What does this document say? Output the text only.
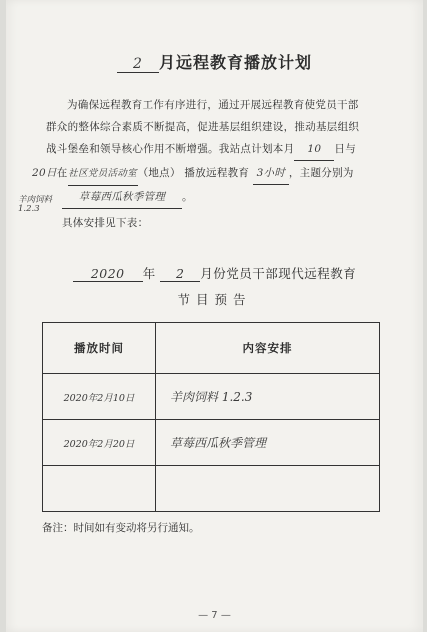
2 月远程教育播放计划
为确保远程教育工作有序进行，通过开展远程教育使党员干部
群众的整体综合素质不断提高，促进基层组织建设，推动基层组织
战斗堡垒和领导核心作用不断增强。我站点计划本月 10 日与
20日在社区党员活动室（地点） 播放远程教育 3小时 ，主题分别为
羊肉饲料1.2.3
草莓西瓜秋季管理 。
具体安排见下表：
2020 年 2 月份党员干部现代远程教育
节目预告
播放时间	内容安排
2020年2月10日	羊肉饲料 1.2.3
2020年2月20日	草莓西瓜秋季管理

备注：时间如有变动将另行通知。
— 7 —
